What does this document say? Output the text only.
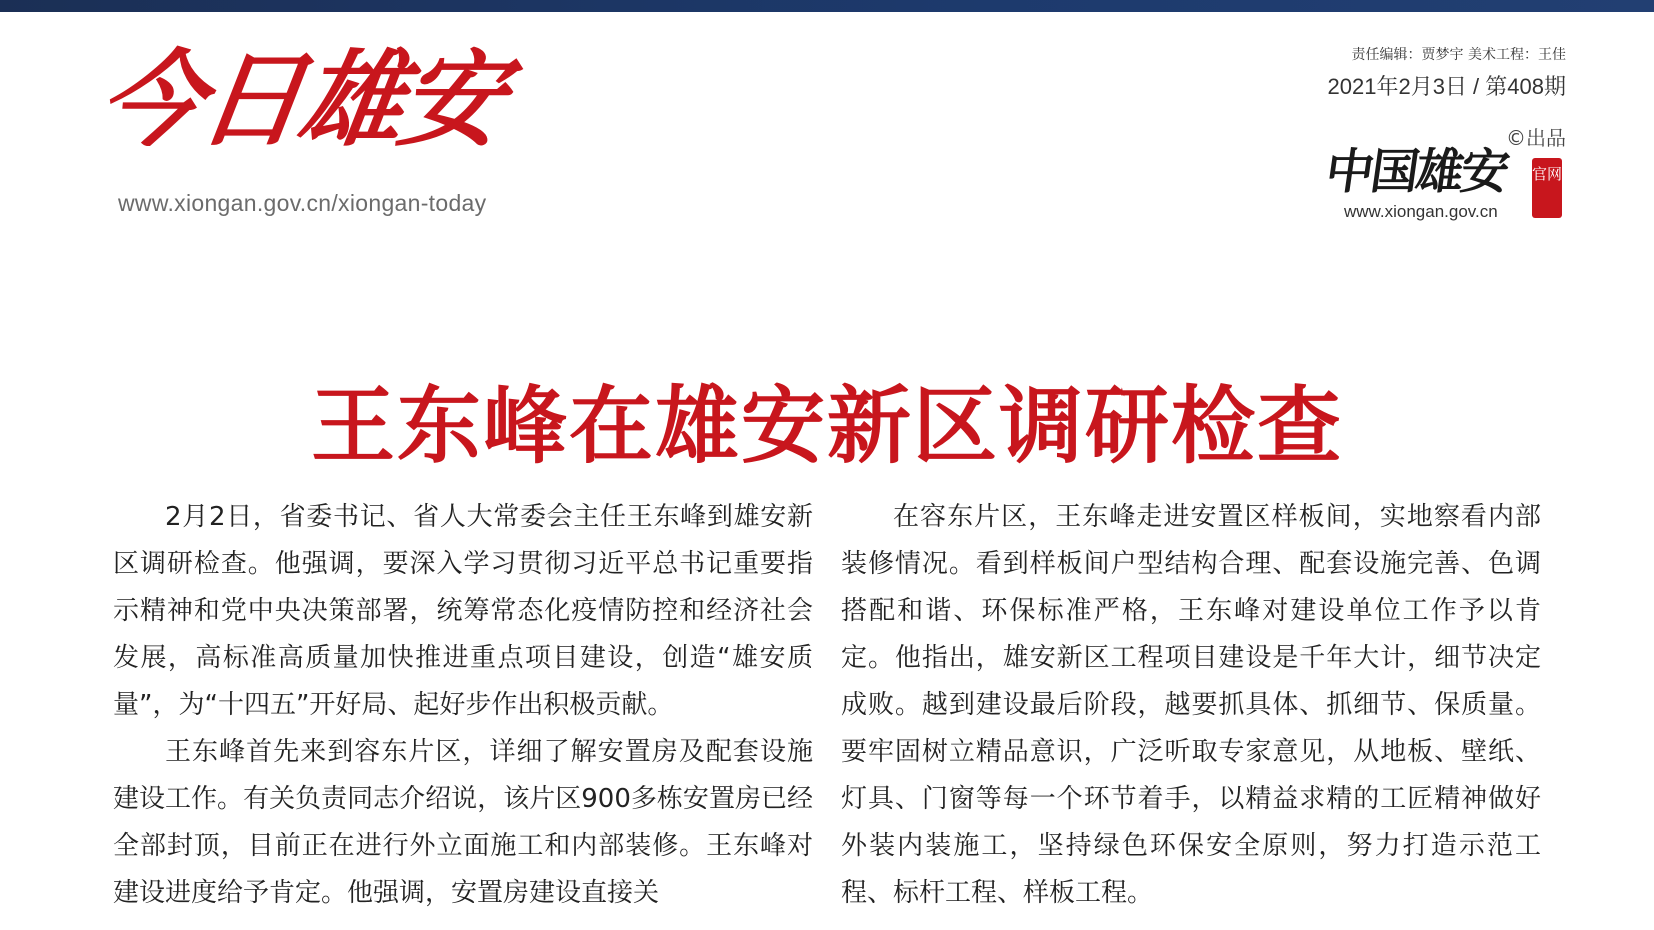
今日雄安
www.xiongan.gov.cn/xiongan-today
责任编辑：贾梦宇 美术工程：王佳
2021年2月3日 / 第408期
©出品
中国雄安 官网
www.xiongan.gov.cn
王东峰在雄安新区调研检查

2月2日，省委书记、省人大常委会主任王东峰到雄安新区调研检查。他强调，要深入学习贯彻习近平总书记重要指示精神和党中央决策部署，统筹常态化疫情防控和经济社会发展，高标准高质量加快推进重点项目建设，创造“雄安质量”，为“十四五”开好局、起好步作出积极贡献。

王东峰首先来到容东片区，详细了解安置房及配套设施建设工作。有关负责同志介绍说，该片区900多栋安置房已经全部封顶，目前正在进行外立面施工和内部装修。王东峰对建设进度给予肯定。他强调，安置房建设直接关

在容东片区，王东峰走进安置区样板间，实地察看内部装修情况。看到样板间户型结构合理、配套设施完善、色调搭配和谐、环保标准严格，王东峰对建设单位工作予以肯定。他指出，雄安新区工程项目建设是千年大计，细节决定成败。越到建设最后阶段，越要抓具体、抓细节、保质量。要牢固树立精品意识，广泛听取专家意见，从地板、壁纸、灯具、门窗等每一个环节着手，以精益求精的工匠精神做好外装内装施工，坚持绿色环保安全原则，努力打造示范工程、标杆工程、样板工程。
